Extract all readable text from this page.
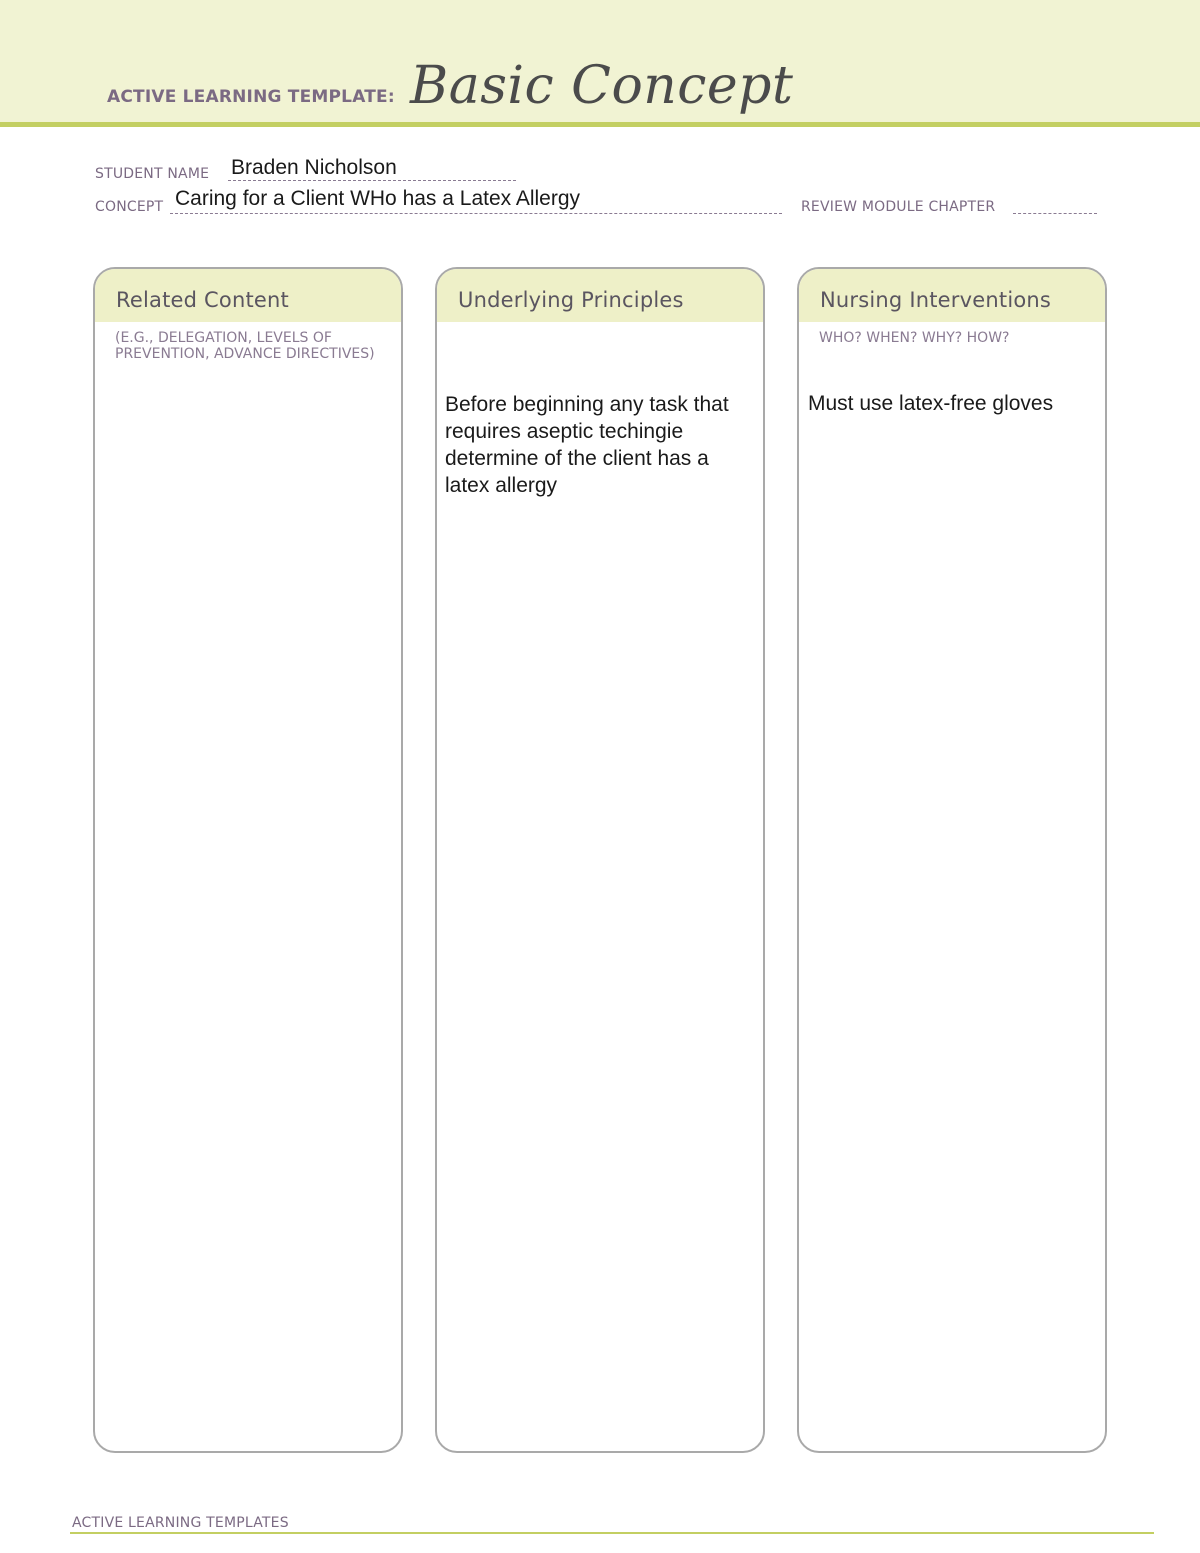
ACTIVE LEARNING TEMPLATE: Basic Concept
STUDENT NAME Braden Nicholson
CONCEPT Caring for a Client WHo has a Latex Allergy	REVIEW MODULE CHAPTER
Related Content
(E.G., DELEGATION, LEVELS OF PREVENTION, ADVANCE DIRECTIVES)
Underlying Principles
Before beginning any task that requires aseptic techingie determine of the client has a latex allergy
Nursing Interventions
WHO? WHEN? WHY? HOW?
Must use latex-free gloves
ACTIVE LEARNING TEMPLATES
